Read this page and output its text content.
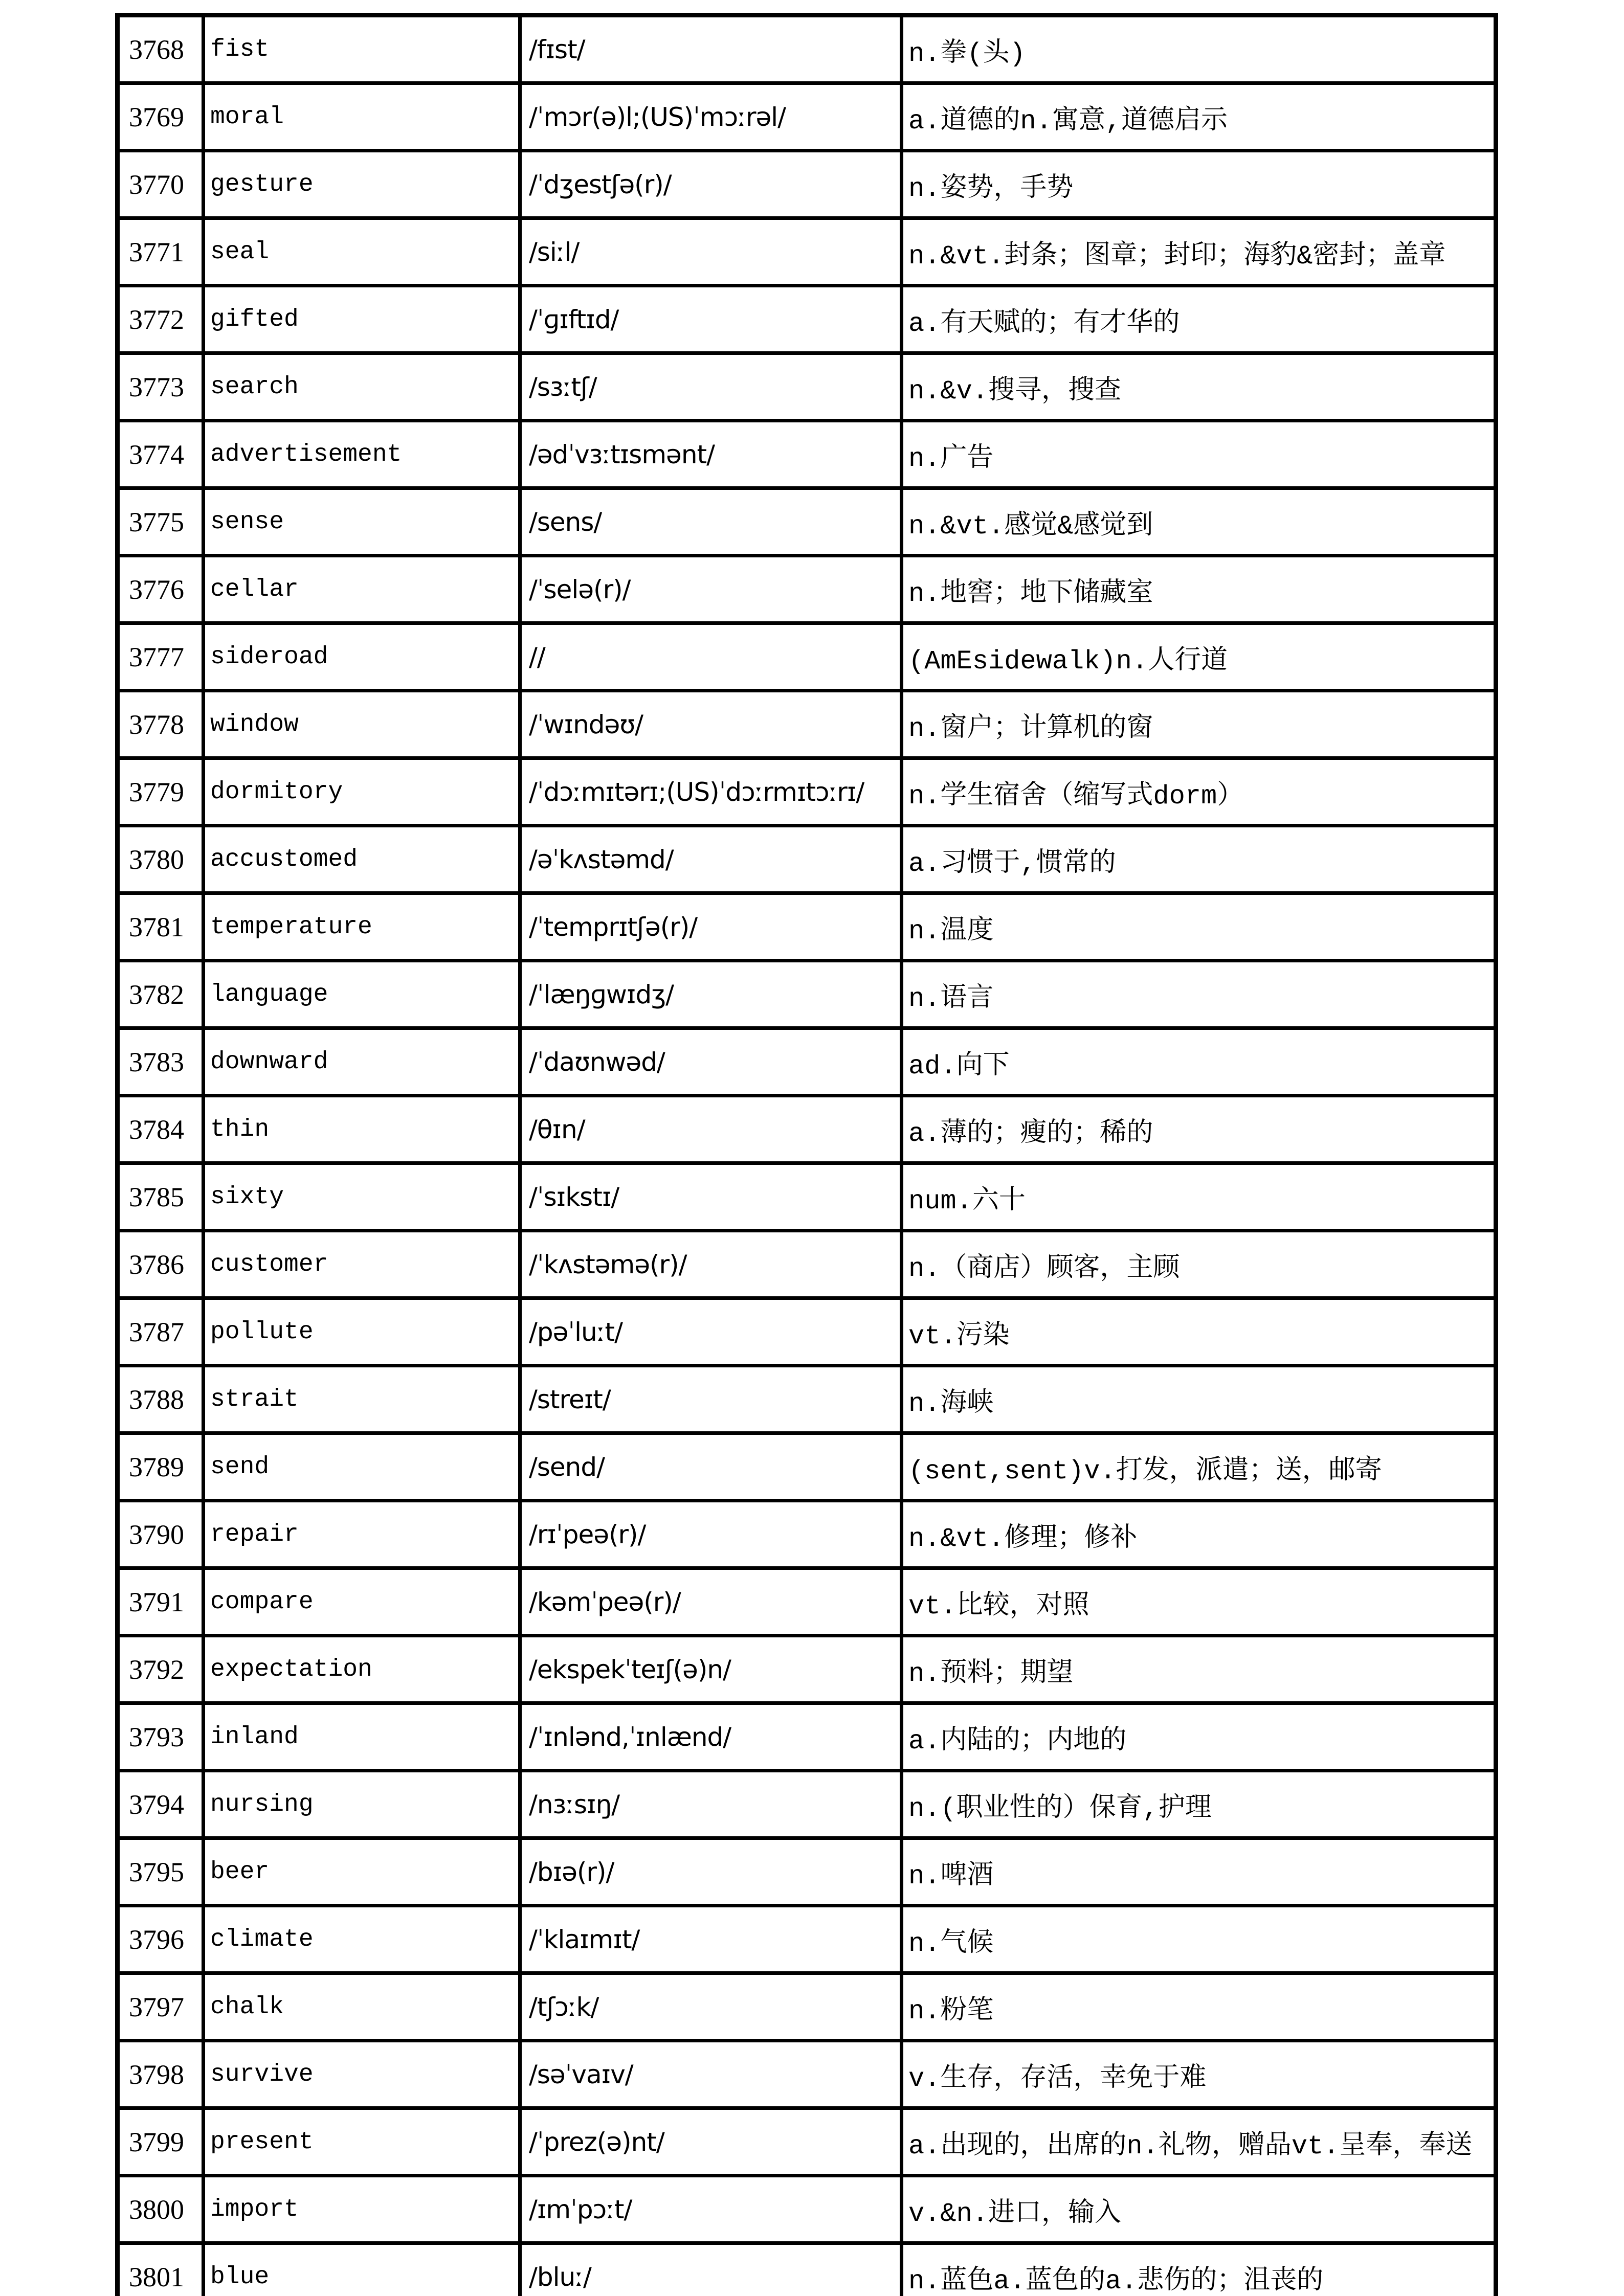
3768	fist	/fɪst/	n.拳(头)
3769	moral	/ˈmɔr(ə)l;(US)ˈmɔːrəl/	a.道德的n.寓意,道德启示
3770	gesture	/ˈdʒestʃə(r)/	n.姿势，手势
3771	seal	/siːl/	n.&vt.封条；图章；封印；海豹&密封；盖章
3772	gifted	/ˈɡɪftɪd/	a.有天赋的；有才华的
3773	search	/sɜːtʃ/	n.&v.搜寻，搜查
3774	advertisement	/ədˈvɜːtɪsmənt/	n.广告
3775	sense	/sens/	n.&vt.感觉&感觉到
3776	cellar	/ˈselə(r)/	n.地窖；地下储藏室
3777	sideroad	//	(AmEsidewalk)n.人行道
3778	window	/ˈwɪndəʊ/	n.窗户；计算机的窗
3779	dormitory	/ˈdɔːmɪtərɪ;(US)ˈdɔːrmɪtɔːrɪ/	n.学生宿舍（缩写式dorm）
3780	accustomed	/əˈkʌstəmd/	a.习惯于,惯常的
3781	temperature	/ˈtemprɪtʃə(r)/	n.温度
3782	language	/ˈlæŋɡwɪdʒ/	n.语言
3783	downward	/ˈdaʊnwəd/	ad.向下
3784	thin	/θɪn/	a.薄的；瘦的；稀的
3785	sixty	/ˈsɪkstɪ/	num.六十
3786	customer	/ˈkʌstəmə(r)/	n.（商店）顾客，主顾
3787	pollute	/pəˈluːt/	vt.污染
3788	strait	/streɪt/	n.海峡
3789	send	/send/	(sent,sent)v.打发，派遣；送，邮寄
3790	repair	/rɪˈpeə(r)/	n.&vt.修理；修补
3791	compare	/kəmˈpeə(r)/	vt.比较，对照
3792	expectation	/ekspekˈteɪʃ(ə)n/	n.预料；期望
3793	inland	/ˈɪnlənd,ˈɪnlænd/	a.内陆的；内地的
3794	nursing	/nɜːsɪŋ/	n.(职业性的）保育,护理
3795	beer	/bɪə(r)/	n.啤酒
3796	climate	/ˈklaɪmɪt/	n.气候
3797	chalk	/tʃɔːk/	n.粉笔
3798	survive	/səˈvaɪv/	v.生存，存活，幸免于难
3799	present	/ˈprez(ə)nt/	a.出现的，出席的n.礼物，赠品vt.呈奉，奉送
3800	import	/ɪmˈpɔːt/	v.&n.进口，输入
3801	blue	/bluː/	n.蓝色a.蓝色的a.悲伤的；沮丧的
